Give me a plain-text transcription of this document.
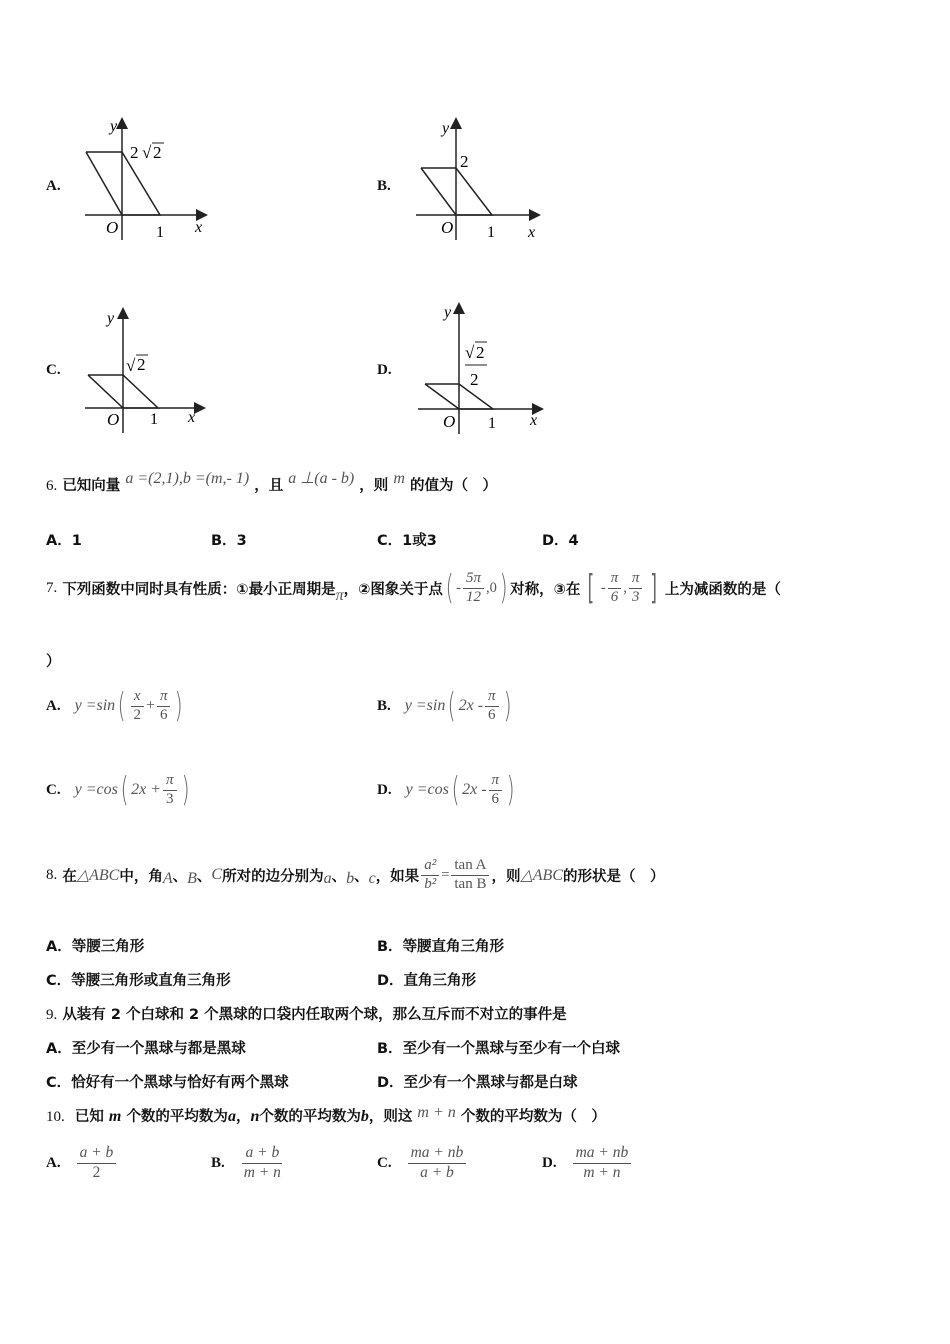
A.
y
2 √ 2
O 1 x
B.
y
2
O 1 x
C.
y
√ 2
O 1 x
D.
y
√ 2
2
O 1 x
6. 已知向量 a =(2,1),b =(m,- 1) ，且 a ⊥(a - b) ，则 m 的值为（　）
A．1	B．3	C．1或3	D．4
7.
下列函数中同时具有性质：①最小正周期是 π ，②图象关于点 ( - $\frac{5\pi}{12} ,0$ ) 对称，③在 [ - $\frac{\pi}{6}$ , $\frac{\pi}{3}$ ] 上为减函数的是（
）
A. y =sin ( $\frac{x}{2} + \frac{\pi}{6}$ )	B. y =sin ( $2x - \frac{\pi}{6}$ )
C. y =cos ( $2x + \frac{\pi}{3}$ )	D. y =cos ( $2x - \frac{\pi}{6}$ )
8.
在 △ABC 中，角 A 、 B 、 C 所对的边分别为 a 、 b 、 c ，如果 $\frac{\text{a²}}{\text{b²}} = \frac{\text{tan A}}{\text{tan B}}$ ，则 △ABC 的形状是（　）
A．等腰三角形	B．等腰直角三角形
C．等腰三角形或直角三角形	D．直角三角形
9. 从装有 2 个白球和 2 个黑球的口袋内任取两个球，那么互斥而不对立的事件是
A．至少有一个黑球与都是黑球	B．至少有一个黑球与至少有一个白球
C．恰好有一个黑球与恰好有两个黑球	D．至少有一个黑球与都是白球
10. 已知 m 个数的平均数为a，n个数的平均数为b，则这 m + n 个数的平均数为（　）
A. $\frac{a + b}{2}$	B. $\frac{a + b}{m + n}$	C. $\frac{ma + nb}{a + b}$	D. $\frac{ma + nb}{m + n}$
